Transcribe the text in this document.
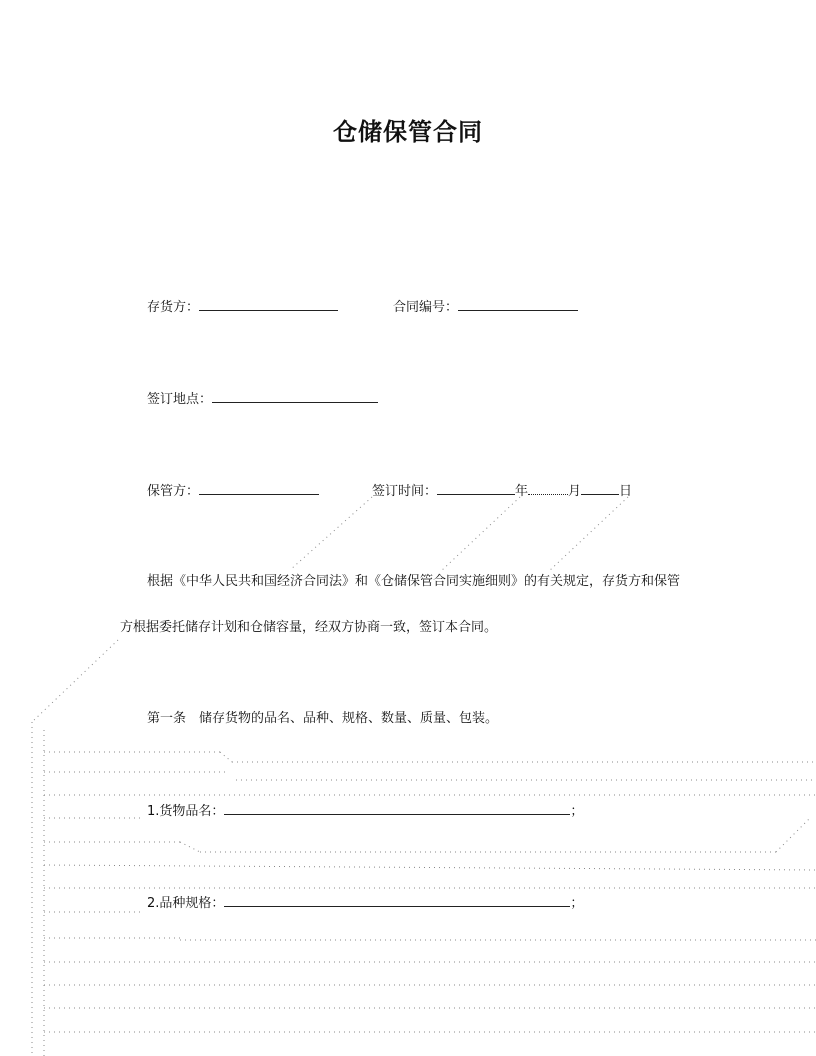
仓储保管合同
存货方：	合同编号：
签订地点：
保管方：	签订时间：	年	月	日
根据《中华人民共和国经济合同法》和《仓储保管合同实施细则》的有关规定，存货方和保管
方根据委托储存计划和仓储容量，经双方协商一致，签订本合同。
第一条 储存货物的品名、品种、规格、数量、质量、包装。
1.货物品名：	；
2.品种规格：	；
